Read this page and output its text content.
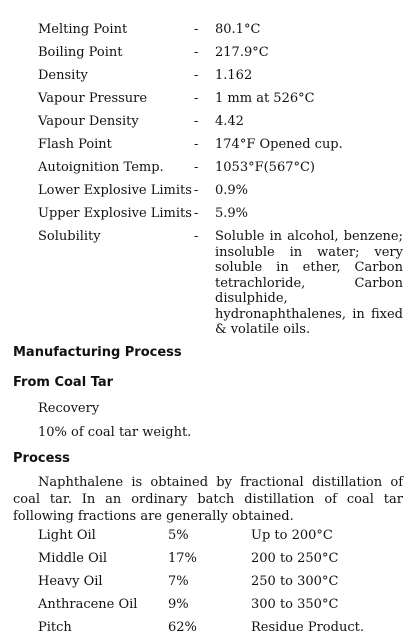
Melting Point	- 80.1°C
Boiling Point	- 217.9°C
Density	- 1.162
Vapour Pressure	- 1 mm at 526°C
Vapour Density	- 4.42
Flash Point	- 174°F Opened cup.
Autoignition Temp. - 1053°F(567°C)
Lower Explosive Limits - 0.9%
Upper Explosive Limits - 5.9%
Solubility	- Soluble in alcohol, benzene; insoluble in water; very soluble in ether, Carbon tetrachloride, Carbon disulphide, hydronaphthalenes, in fixed & volatile oils.
Manufacturing Process
From Coal Tar
Recovery
10% of coal tar weight.
Process
Naphthalene is obtained by fractional distillation of coal tar. In an ordinary batch distillation of coal tar following fractions are generally obtained.
Light Oil	5%	Up to 200°C
Middle Oil	17%	200 to 250°C
Heavy Oil	7%	250 to 300°C
Anthracene Oil 9%	300 to 350°C
Pitch	62%	Residue Product.
